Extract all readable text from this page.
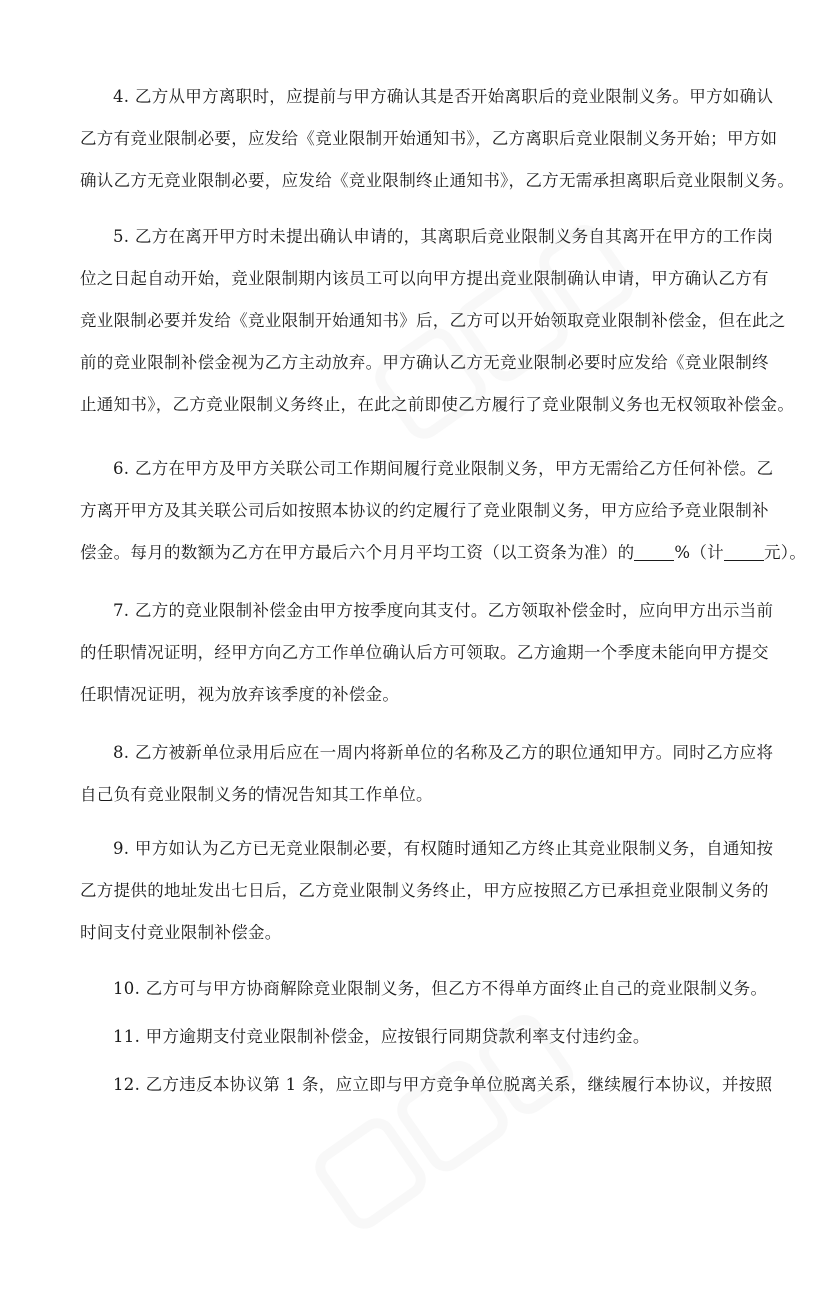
4. 乙方从甲方离职时，应提前与甲方确认其是否开始离职后的竞业限制义务。甲方如确认
乙方有竞业限制必要，应发给《竞业限制开始通知书》，乙方离职后竞业限制义务开始；甲方如
确认乙方无竞业限制必要，应发给《竞业限制终止通知书》，乙方无需承担离职后竞业限制义务。
5. 乙方在离开甲方时未提出确认申请的，其离职后竞业限制义务自其离开在甲方的工作岗
位之日起自动开始，竞业限制期内该员工可以向甲方提出竞业限制确认申请，甲方确认乙方有
竞业限制必要并发给《竞业限制开始通知书》后，乙方可以开始领取竞业限制补偿金，但在此之
前的竞业限制补偿金视为乙方主动放弃。甲方确认乙方无竞业限制必要时应发给《竞业限制终
止通知书》，乙方竞业限制义务终止，在此之前即使乙方履行了竞业限制义务也无权领取补偿金。
6. 乙方在甲方及甲方关联公司工作期间履行竞业限制义务，甲方无需给乙方任何补偿。乙
方离开甲方及其关联公司后如按照本协议的约定履行了竞业限制义务，甲方应给予竞业限制补
偿金。每月的数额为乙方在甲方最后六个月月平均工资（以工资条为准）的 %（计 元）。
7. 乙方的竞业限制补偿金由甲方按季度向其支付。乙方领取补偿金时，应向甲方出示当前
的任职情况证明，经甲方向乙方工作单位确认后方可领取。乙方逾期一个季度未能向甲方提交
任职情况证明，视为放弃该季度的补偿金。
8. 乙方被新单位录用后应在一周内将新单位的名称及乙方的职位通知甲方。同时乙方应将
自己负有竞业限制义务的情况告知其工作单位。
9. 甲方如认为乙方已无竞业限制必要，有权随时通知乙方终止其竞业限制义务，自通知按
乙方提供的地址发出七日后，乙方竞业限制义务终止，甲方应按照乙方已承担竞业限制义务的
时间支付竞业限制补偿金。
10. 乙方可与甲方协商解除竞业限制义务，但乙方不得单方面终止自己的竞业限制义务。
11. 甲方逾期支付竞业限制补偿金，应按银行同期贷款利率支付违约金。
12. 乙方违反本协议第 1 条，应立即与甲方竞争单位脱离关系，继续履行本协议，并按照
